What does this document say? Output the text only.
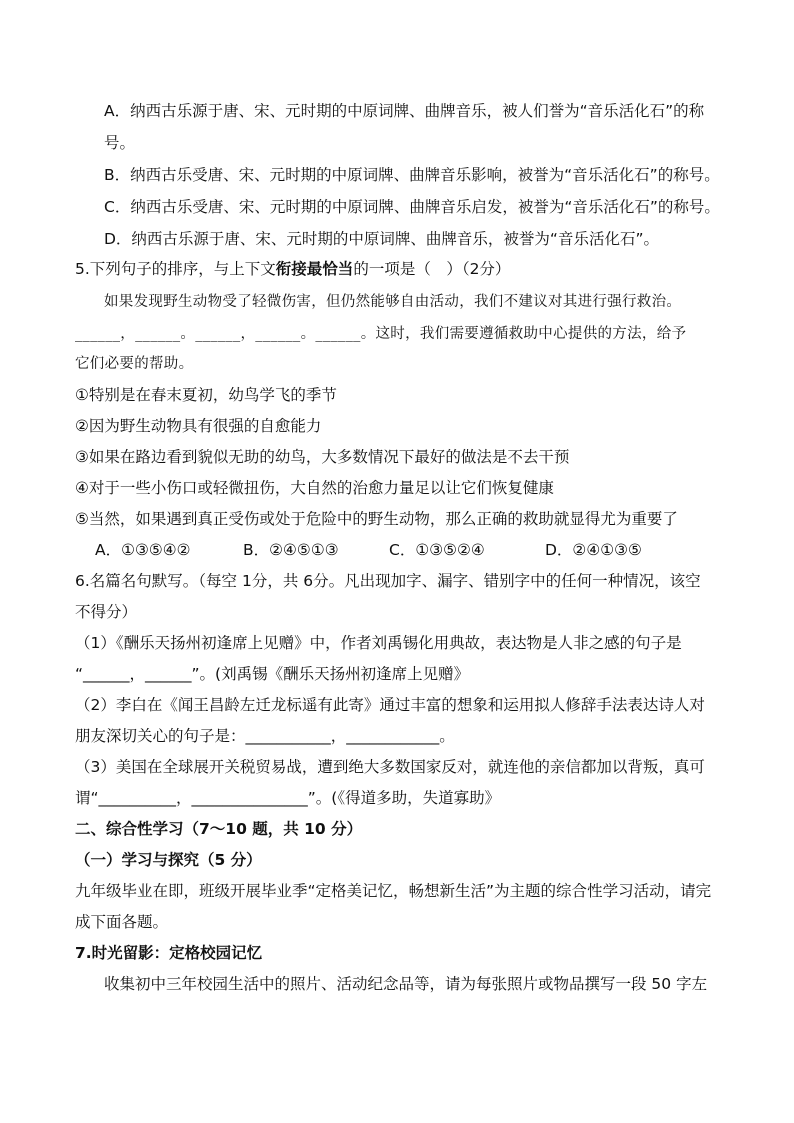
A．纳西古乐源于唐、宋、元时期的中原词牌、曲牌音乐，被人们誉为“音乐活化石”的称
号。
B．纳西古乐受唐、宋、元时期的中原词牌、曲牌音乐影响，被誉为“音乐活化石”的称号。
C．纳西古乐受唐、宋、元时期的中原词牌、曲牌音乐启发，被誉为“音乐活化石”的称号。
D．纳西古乐源于唐、宋、元时期的中原词牌、曲牌音乐，被誉为“音乐活化石”。
5.下列句子的排序，与上下文衔接最恰当的一项是（　）（2分）
如果发现野生动物受了轻微伤害，但仍然能够自由活动，我们不建议对其进行强行救治。
______，______。______，______。______。这时，我们需要遵循救助中心提供的方法，给予
它们必要的帮助。
①特别是在春末夏初，幼鸟学飞的季节
②因为野生动物具有很强的自愈能力
③如果在路边看到貌似无助的幼鸟，大多数情况下最好的做法是不去干预
④对于一些小伤口或轻微扭伤，大自然的治愈力量足以让它们恢复健康
⑤当然，如果遇到真正受伤或处于危险中的野生动物，那么正确的救助就显得尤为重要了
A．①③⑤④②	B．②④⑤①③	C．①③⑤②④	D．②④①③⑤
6.名篇名句默写。（每空 1分，共 6分。凡出现加字、漏字、错别字中的任何一种情况，该空
不得分）
（1）《酬乐天扬州初逢席上见赠》中，作者刘禹锡化用典故，表达物是人非之感的句子是
“______，______”。(刘禹锡《酬乐天扬州初逢席上见赠》
（2）李白在《闻王昌龄左迁龙标遥有此寄》通过丰富的想象和运用拟人修辞手法表达诗人对
朋友深切关心的句子是：___________，____________。
（3）美国在全球展开关税贸易战，遭到绝大多数国家反对，就连他的亲信都加以背叛，真可
谓“__________，_______________”。(《得道多助，失道寡助》
二、综合性学习（7～10 题，共 10 分）
（一）学习与探究（5 分）
九年级毕业在即，班级开展毕业季“定格美记忆，畅想新生活”为主题的综合性学习活动，请完
成下面各题。
7.时光留影：定格校园记忆
收集初中三年校园生活中的照片、活动纪念品等，请为每张照片或物品撰写一段 50 字左
